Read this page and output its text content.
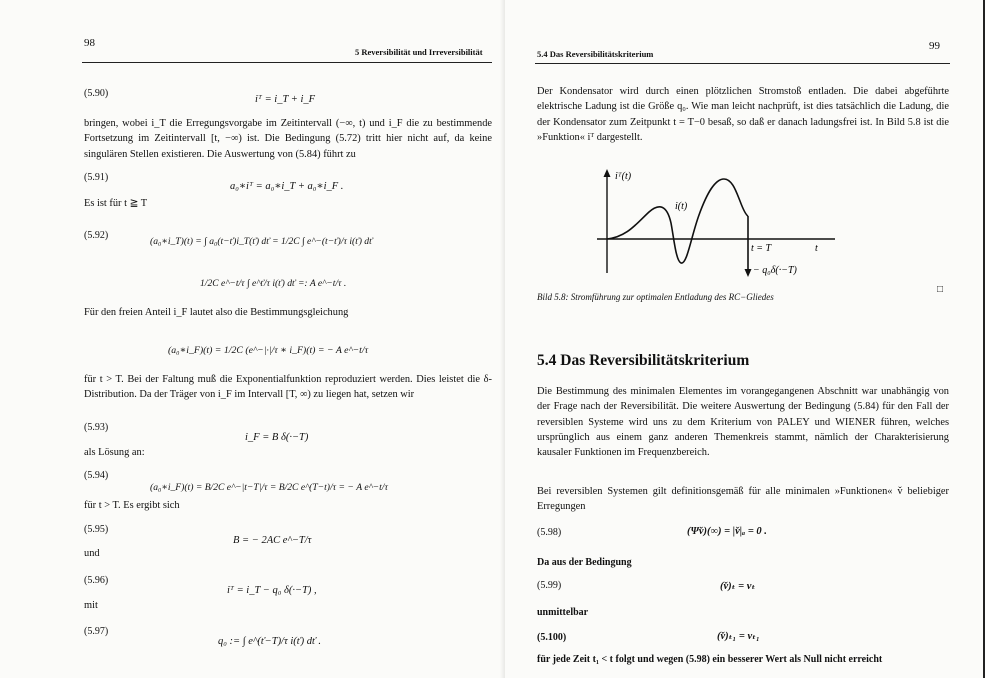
98
5 Reversibilität und Irreversibilität
(5.90)
iᵀ = i_T + i_F
bringen, wobei i_T die Erregungsvorgabe im Zeitintervall (−∞, t) und i_F die zu bestimmende Fortsetzung im Zeitintervall [t, −∞) ist. Die Bedingung (5.72) tritt hier nicht auf, da keine singulären Stellen existieren. Die Auswertung von (5.84) führt zu
(5.91)
a₀∗iᵀ = a₀∗i_T + a₀∗i_F .
Es ist für t ≧ T
(5.92)
(a₀∗i_T)(t) = ∫ a₀(t−ť)i_T(ť) dť = 1/2C ∫ e^−(t−ť)/τ i(ť) dť
1/2C e^−t/τ ∫ e^ť/τ i(ť) dť =: A e^−t/τ .
Für den freien Anteil i_F lautet also die Bestimmungsgleichung
(a₀∗i_F)(t) = 1/2C (e^−|·|/τ ∗ i_F)(t) = − A e^−t/τ
für t > T. Bei der Faltung muß die Exponentialfunktion reproduziert werden. Dies leistet die δ-Distribution. Da der Träger von i_F im Intervall [T, ∞) zu liegen hat, setzen wir
(5.93)
i_F = B δ(·−T)
als Lösung an:
(5.94)
(a₀∗i_F)(t) = B/2C e^−|t−T|/τ = B/2C e^(T−t)/τ = − A e^−t/τ
für t > T. Es ergibt sich
(5.95)
B = − 2AC e^−T/τ
und
(5.96)
iᵀ = i_T − q₀ δ(·−T) ,
mit
(5.97)
q₀ := ∫ e^(ť−T)/τ i(ť) dť .
5.4 Das Reversibilitätskriterium
99
Der Kondensator wird durch einen plötzlichen Stromstoß entladen. Die dabei abgeführte elektrische Ladung ist die Größe q₀. Wie man leicht nachprüft, ist dies tatsächlich die Ladung, die der Kondensator zum Zeitpunkt t = T−0 besaß, so daß er danach ladungsfrei ist. In Bild 5.8 ist die »Funktion« iᵀ dargestellt.
iᵀ(t)
i(t)
t = T	t
− q₀δ(·−T)
Bild 5.8: Stromführung zur optimalen Entladung des RC−Gliedes
□
5.4 Das Reversibilitätskriterium
Die Bestimmung des minimalen Elementes im vorangegangenen Abschnitt war unabhängig von der Frage nach der Reversibilität. Die weitere Auswertung der Bedingung (5.84) für den Fall der reversiblen Systeme wird uns zu dem Kriterium von PALEY und WIENER führen, welches ursprünglich aus einem ganz anderen Themenkreis stammt, nämlich der Charakterisierung kausaler Funktionen im Frequenzbereich.
Bei reversiblen Systemen gilt definitionsgemäß für alle minimalen »Funktionen« v̌ beliebiger Erregungen
(5.98)	(Ψv̌)(∞) = |v̌|ₐ = 0 .
Da aus der Bedingung
(5.99)	(v̌)ₜ = vₜ
unmittelbar
(5.100)	(v̌)ₜ₁ = vₜ₁
für jede Zeit t₁ < t folgt und wegen (5.98) ein besserer Wert als Null nicht erreicht
